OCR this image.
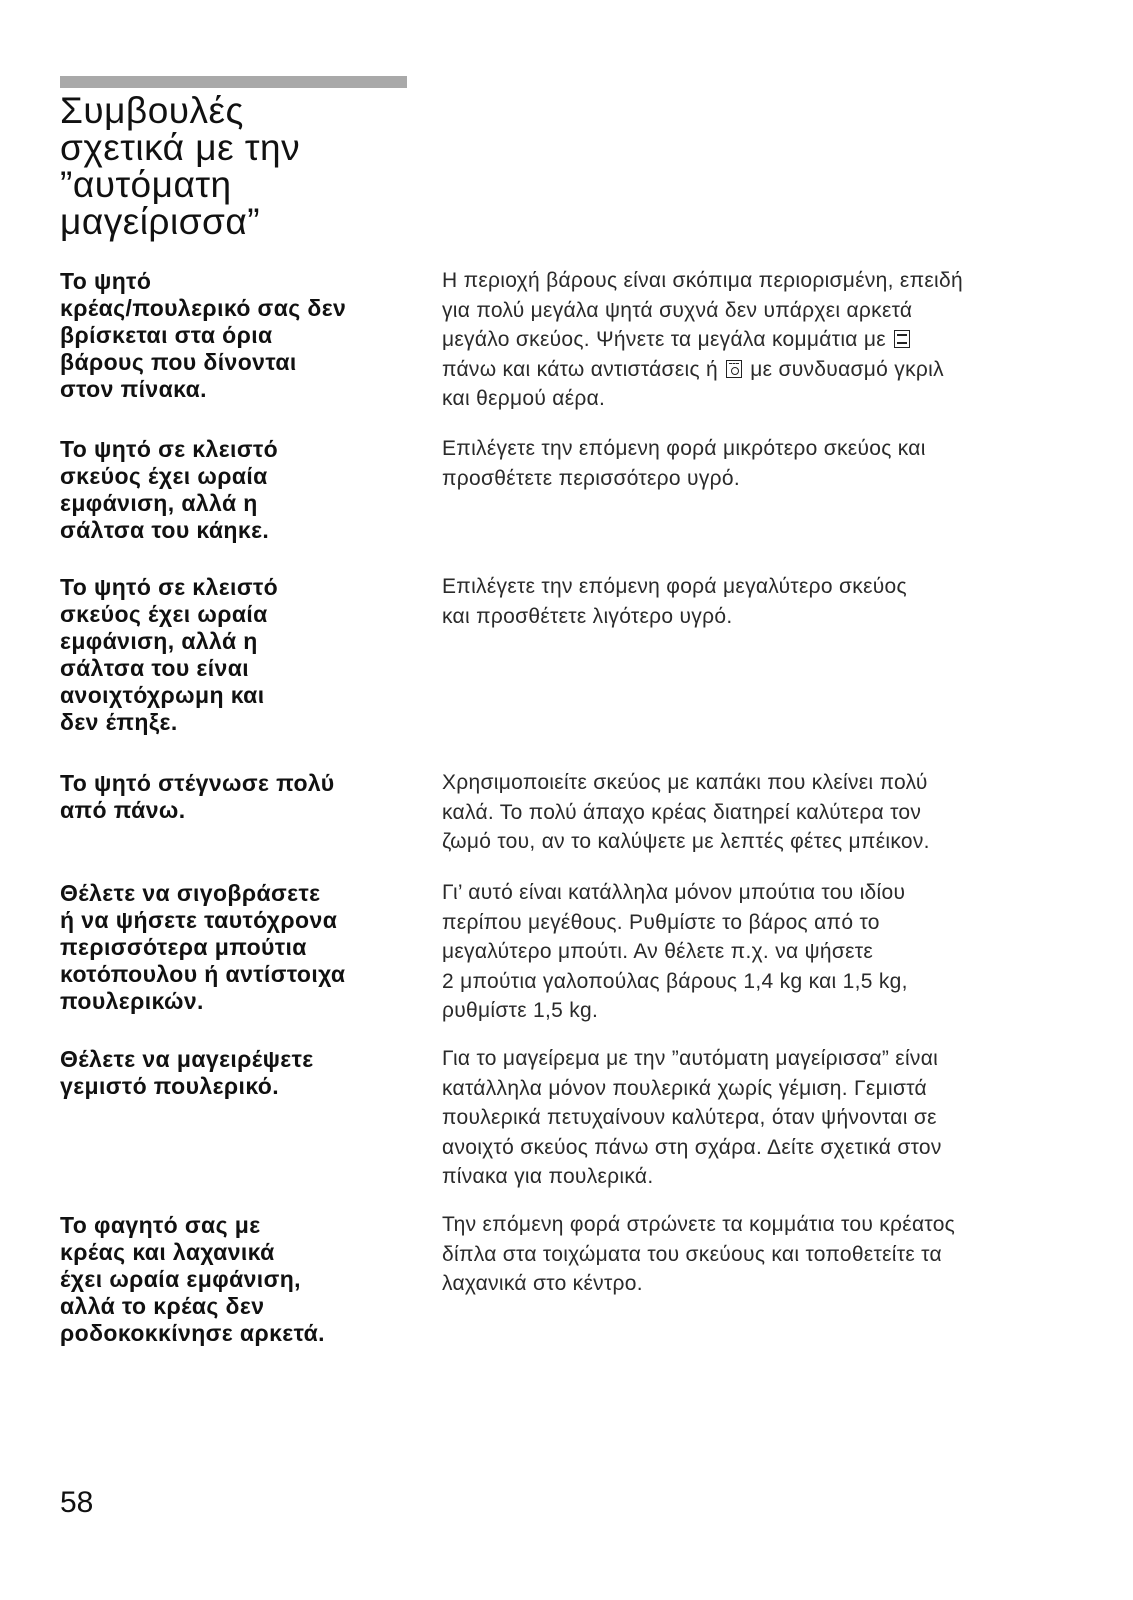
Συμβουλές
σχετικά με την
”αυτόματη
μαγείρισσα”
Το ψητό
κρέας/πουλερικό σας δεν
βρίσκεται στα όρια
βάρους που δίνονται
στον πίνακα.
Η περιοχή βάρους είναι σκόπιμα περιορισμένη, επειδή
για πολύ μεγάλα ψητά συχνά δεν υπάρχει αρκετά
μεγάλο σκεύος. Ψήνετε τα μεγάλα κομμάτια με
πάνω και κάτω αντιστάσεις ή με συνδυασμό γκριλ
και θερμού αέρα.
Το ψητό σε κλειστό
σκεύος έχει ωραία
εμφάνιση, αλλά η
σάλτσα του κάηκε.
Επιλέγετε την επόμενη φορά μικρότερο σκεύος και
προσθέτετε περισσότερο υγρό.
Το ψητό σε κλειστό
σκεύος έχει ωραία
εμφάνιση, αλλά η
σάλτσα του είναι
ανοιχτόχρωμη και
δεν έπηξε.
Επιλέγετε την επόμενη φορά μεγαλύτερο σκεύος
και προσθέτετε λιγότερο υγρό.
Το ψητό στέγνωσε πολύ
από πάνω.
Χρησιμοποιείτε σκεύος με καπάκι που κλείνει πολύ
καλά. Το πολύ άπαχο κρέας διατηρεί καλύτερα τον
ζωμό του, αν το καλύψετε με λεπτές φέτες μπέικον.
Θέλετε να σιγοβράσετε
ή να ψήσετε ταυτόχρονα
περισσότερα μπούτια
κοτόπουλου ή αντίστοιχα
πουλερικών.
Γι’ αυτό είναι κατάλληλα μόνον μπούτια του ιδίου
περίπου μεγέθους. Ρυθμίστε το βάρος από το
μεγαλύτερο μπούτι. Αν θέλετε π.χ. να ψήσετε
2 μπούτια γαλοπούλας βάρους 1,4 kg και 1,5 kg,
ρυθμίστε 1,5 kg.
Θέλετε να μαγειρέψετε
γεμιστό πουλερικό.
Για το μαγείρεμα με την ”αυτόματη μαγείρισσα” είναι
κατάλληλα μόνον πουλερικά χωρίς γέμιση. Γεμιστά
πουλερικά πετυχαίνουν καλύτερα, όταν ψήνονται σε
ανοιχτό σκεύος πάνω στη σχάρα. Δείτε σχετικά στον
πίνακα για πουλερικά.
Το φαγητό σας με
κρέας και λαχανικά
έχει ωραία εμφάνιση,
αλλά το κρέας δεν
ροδοκοκκίνησε αρκετά.
Την επόμενη φορά στρώνετε τα κομμάτια του κρέατος
δίπλα στα τοιχώματα του σκεύους και τοποθετείτε τα
λαχανικά στο κέντρο.
58
